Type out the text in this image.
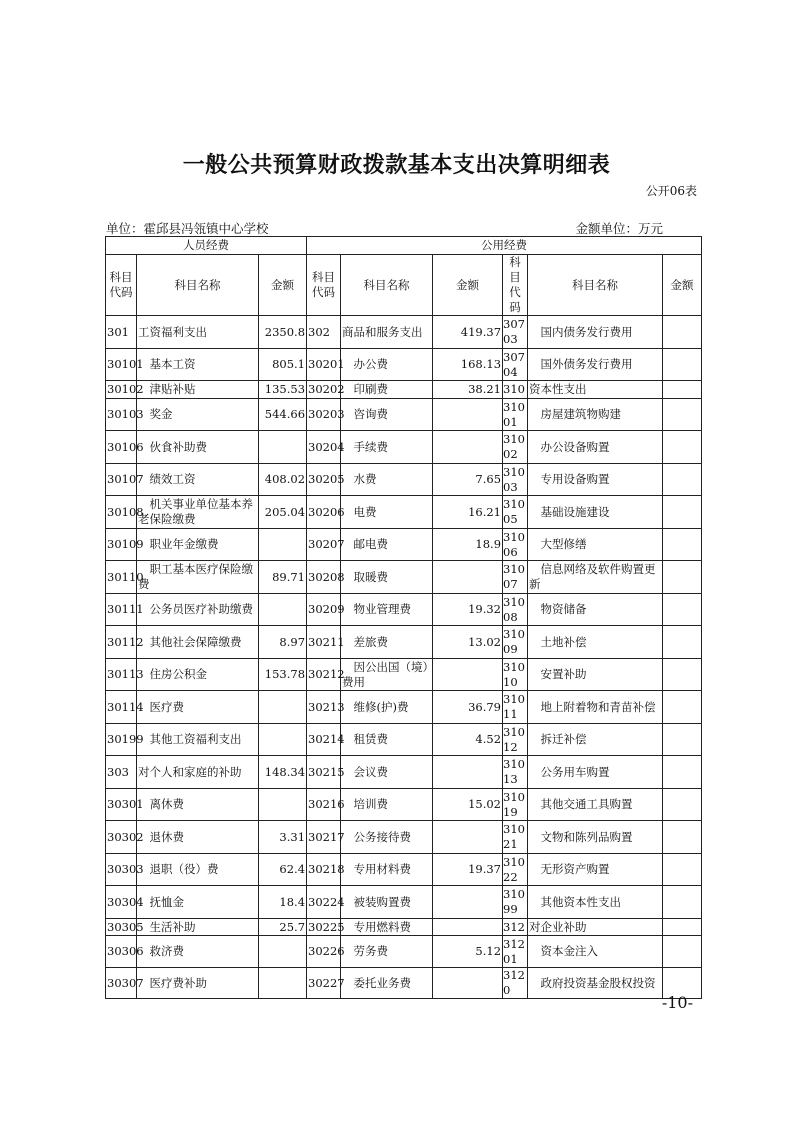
一般公共预算财政拨款基本支出决算明细表
公开06表
单位：霍邱县冯瓴镇中心学校	金额单位：万元
人员经费			公用经费					
科目代码	科目名称	金额	科目代码	科目名称	金额	科目代码	科目名称	金额
301	工资福利支出	2350.8	302	商品和服务支出	419.37	30703	国内债务发行费用	
30101	基本工资	805.1	30201	办公费	168.13	30704	国外债务发行费用	
30102	津贴补贴	135.53	30202	印刷费	38.21	310	资本性支出	
30103	奖金	544.66	30203	咨询费		31001	房屋建筑物购建	
30106	伙食补助费		30204	手续费		31002	办公设备购置	
30107	绩效工资	408.02	30205	水费	7.65	31003	专用设备购置	
30108	机关事业单位基本养老保险缴费	205.04	30206	电费	16.21	31005	基础设施建设	
30109	职业年金缴费		30207	邮电费	18.9	31006	大型修缮	
30110	职工基本医疗保险缴费	89.71	30208	取暖费		31007	信息网络及软件购置更新	
30111	公务员医疗补助缴费		30209	物业管理费	19.32	31008	物资储备	
30112	其他社会保障缴费	8.97	30211	差旅费	13.02	31009	土地补偿	
30113	住房公积金	153.78	30212	因公出国（境）费用		31010	安置补助	
30114	医疗费		30213	维修(护)费	36.79	31011	地上附着物和青苗补偿	
30199	其他工资福利支出		30214	租赁费	4.52	31012	拆迁补偿	
303	对个人和家庭的补助	148.34	30215	会议费		31013	公务用车购置	
30301	离休费		30216	培训费	15.02	31019	其他交通工具购置	
30302	退休费	3.31	30217	公务接待费		31021	文物和陈列品购置	
30303	退职（役）费	62.4	30218	专用材料费	19.37	31022	无形资产购置	
30304	抚恤金	18.4	30224	被装购置费		31099	其他资本性支出	
30305	生活补助	25.7	30225	专用燃料费		312	对企业补助	
30306	救济费		30226	劳务费	5.12	31201	资本金注入	
30307	医疗费补助		30227	委托业务费		3120	政府投资基金股权投资	
-10-
